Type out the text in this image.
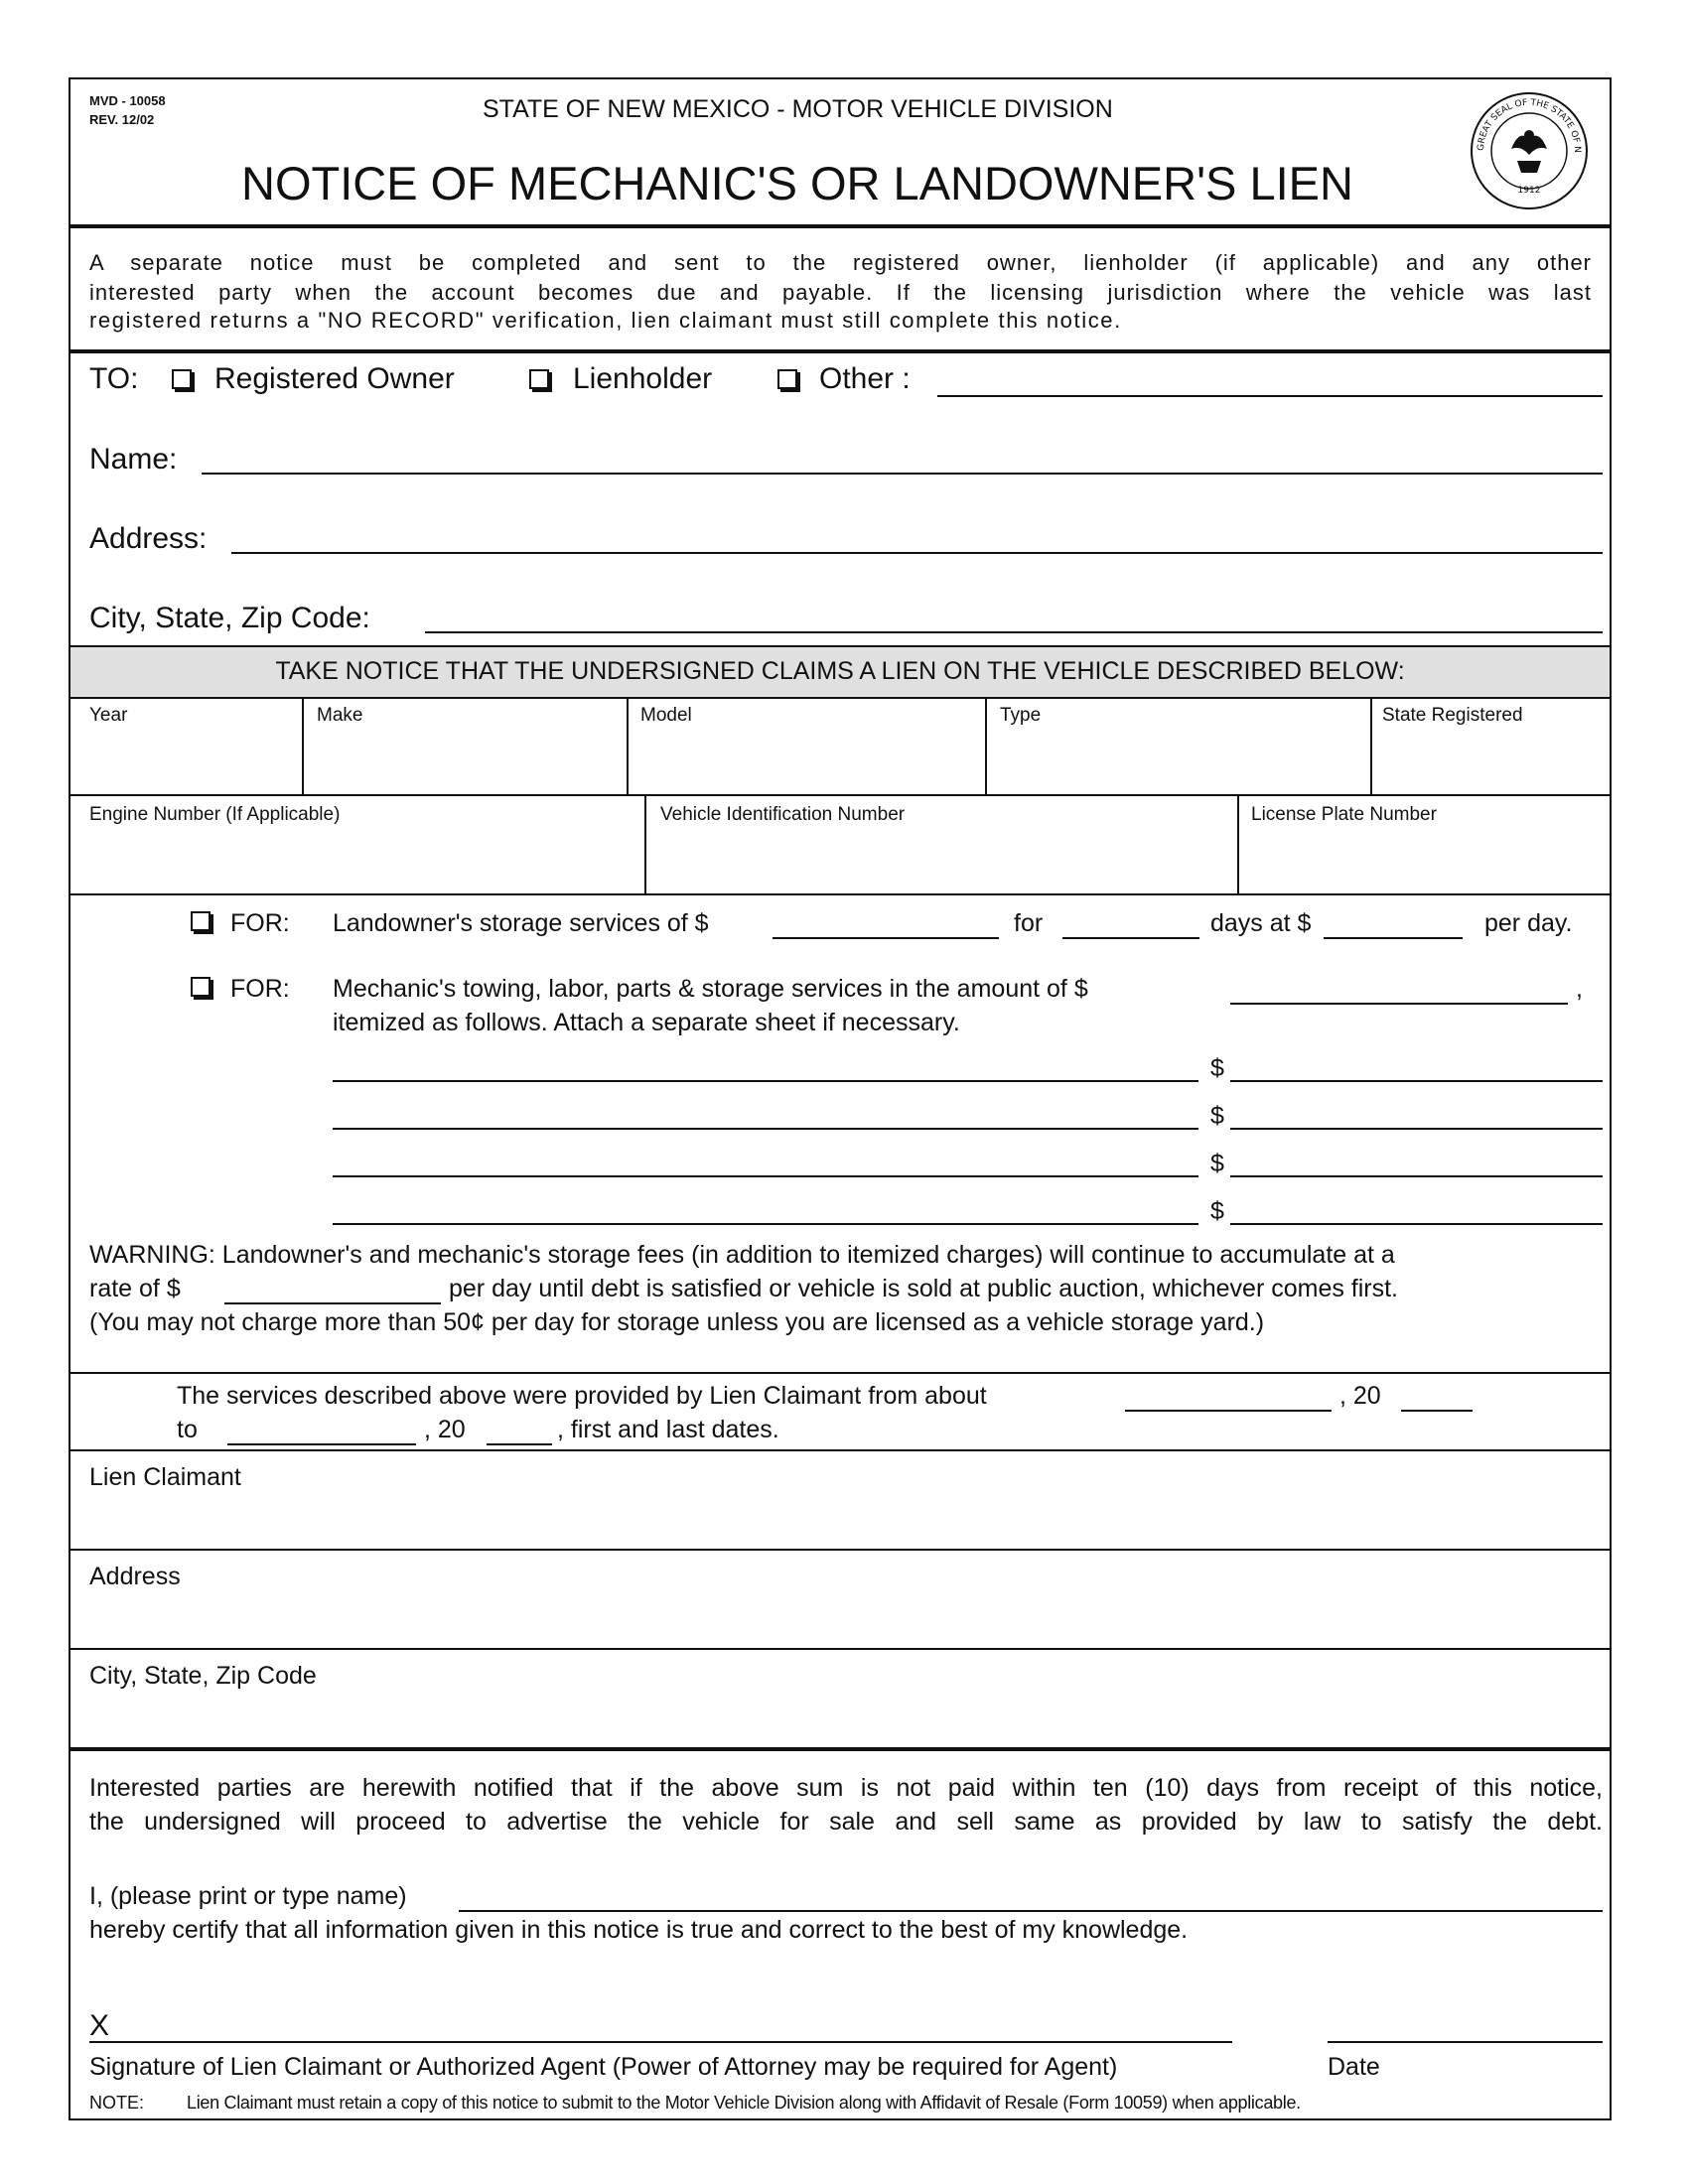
MVD - 10058
REV. 12/02	STATE OF NEW MEXICO - MOTOR VEHICLE DIVISION
NOTICE OF MECHANIC'S OR LANDOWNER'S LIEN
GREAT SEAL OF THE STATE OF N
1912
A separate notice must be completed and sent to the registered owner, lienholder (if applicable) and any other
interested party when the account becomes due and payable. If the licensing jurisdiction where the vehicle was last
registered returns a "NO RECORD" verification, lien claimant must still complete this notice.
TO:	Registered Owner	Lienholder	Other :
Name:
Address:
City, State, Zip Code:
TAKE NOTICE THAT THE UNDERSIGNED CLAIMS A LIEN ON THE VEHICLE DESCRIBED BELOW:
Year	Make	Model	Type	State Registered
Engine Number (If Applicable)	Vehicle Identification Number	License Plate Number
FOR: Landowner's storage services of $	for	days at $	per day.
FOR: Mechanic's towing, labor, parts & storage services in the amount of $	,
itemized as follows. Attach a separate sheet if necessary.
$
$
$
$
WARNING: Landowner's and mechanic's storage fees (in addition to itemized charges) will continue to accumulate at a
rate of $	per day until debt is satisfied or vehicle is sold at public auction, whichever comes first.
(You may not charge more than 50¢ per day for storage unless you are licensed as a vehicle storage yard.)
The services described above were provided by Lien Claimant from about	, 20
to	, 20	, first and last dates.
Lien Claimant
Address
City, State, Zip Code
Interested parties are herewith notified that if the above sum is not paid within ten (10) days from receipt of this notice,
the undersigned will proceed to advertise the vehicle for sale and sell same as provided by law to satisfy the debt.
I, (please print or type name)
hereby certify that all information given in this notice is true and correct to the best of my knowledge.
X
Signature of Lien Claimant or Authorized Agent (Power of Attorney may be required for Agent)	Date
NOTE: Lien Claimant must retain a copy of this notice to submit to the Motor Vehicle Division along with Affidavit of Resale (Form 10059) when applicable.
